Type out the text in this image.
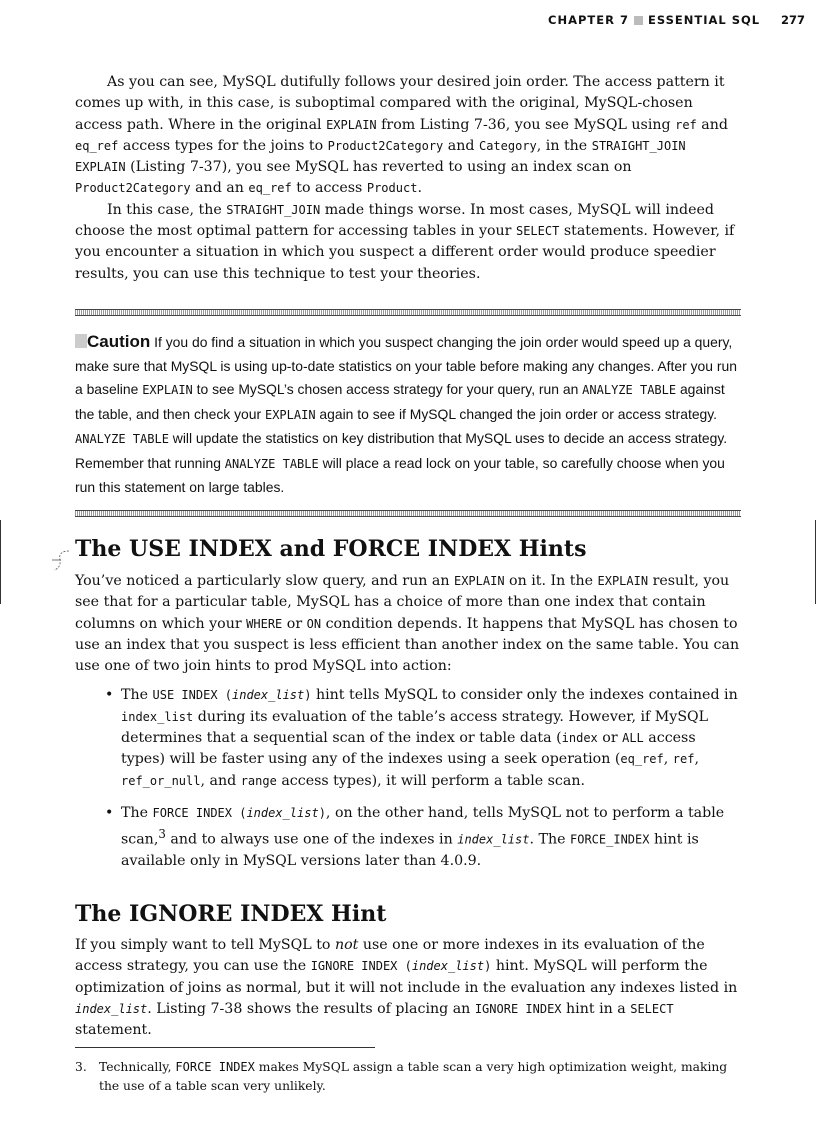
CHAPTER 7 ESSENTIAL SQL 277

As you can see, MySQL dutifully follows your desired join order. The access pattern it comes up with, in this case, is suboptimal compared with the original, MySQL-chosen access path. Where in the original EXPLAIN from Listing 7-36, you see MySQL using ref and eq_ref access types for the joins to Product2Category and Category, in the STRAIGHT_JOIN EXPLAIN (Listing 7-37), you see MySQL has reverted to using an index scan on Product2Category and an eq_ref to access Product.

In this case, the STRAIGHT_JOIN made things worse. In most cases, MySQL will indeed choose the most optimal pattern for accessing tables in your SELECT statements. However, if you encounter a situation in which you suspect a different order would produce speedier results, you can use this technique to test your theories.

Caution If you do find a situation in which you suspect changing the join order would speed up a query, make sure that MySQL is using up-to-date statistics on your table before making any changes. After you run a baseline EXPLAIN to see MySQL’s chosen access strategy for your query, run an ANALYZE TABLE against the table, and then check your EXPLAIN again to see if MySQL changed the join order or access strategy. ANALYZE TABLE will update the statistics on key distribution that MySQL uses to decide an access strategy. Remember that running ANALYZE TABLE will place a read lock on your table, so carefully choose when you run this statement on large tables.
The USE INDEX and FORCE INDEX Hints

You’ve noticed a particularly slow query, and run an EXPLAIN on it. In the EXPLAIN result, you see that for a particular table, MySQL has a choice of more than one index that contain columns on which your WHERE or ON condition depends. It happens that MySQL has chosen to use an index that you suspect is less efficient than another index on the same table. You can use one of two join hints to prod MySQL into action:

• The USE INDEX (index_list) hint tells MySQL to consider only the indexes contained in index_list during its evaluation of the table’s access strategy. However, if MySQL determines that a sequential scan of the index or table data (index or ALL access types) will be faster using any of the indexes using a seek operation (eq_ref, ref, ref_or_null, and range access types), it will perform a table scan.
• The FORCE INDEX (index_list), on the other hand, tells MySQL not to perform a table scan,$^3$ and to always use one of the indexes in index_list. The FORCE_INDEX hint is available only in MySQL versions later than 4.0.9.
The IGNORE INDEX Hint

If you simply want to tell MySQL to not use one or more indexes in its evaluation of the access strategy, you can use the IGNORE INDEX (index_list) hint. MySQL will perform the optimization of joins as normal, but it will not include in the evaluation any indexes listed in index_list. Listing 7-38 shows the results of placing an IGNORE INDEX hint in a SELECT statement.

3. Technically, FORCE INDEX makes MySQL assign a table scan a very high optimization weight, making the use of a table scan very unlikely.
